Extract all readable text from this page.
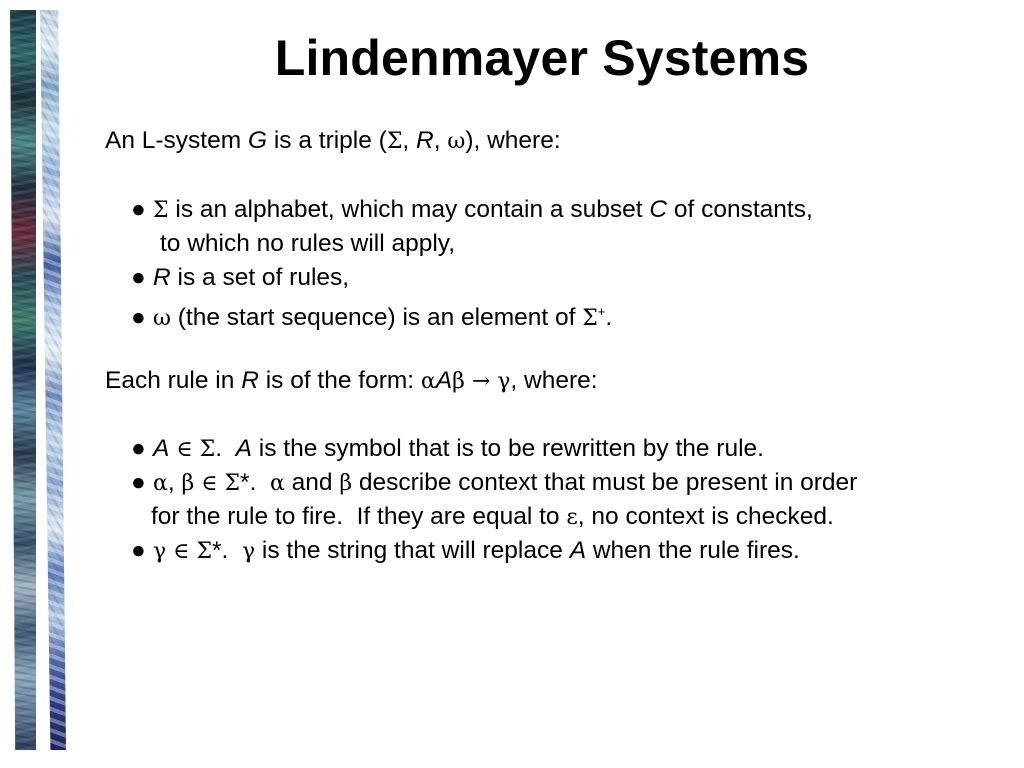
Lindenmayer Systems
An L-system G is a triple (Σ, R, ω), where:
● Σ is an alphabet, which may contain a subset C of constants,
to which no rules will apply,
● R is a set of rules,
● ω (the start sequence) is an element of Σ+.
Each rule in R is of the form: αAβ → γ, where:
● A ∈ Σ.  A is the symbol that is to be rewritten by the rule.
● α, β ∈ Σ*.  α and β describe context that must be present in order
for the rule to fire.  If they are equal to ε, no context is checked.
● γ ∈ Σ*.  γ is the string that will replace A when the rule fires.
